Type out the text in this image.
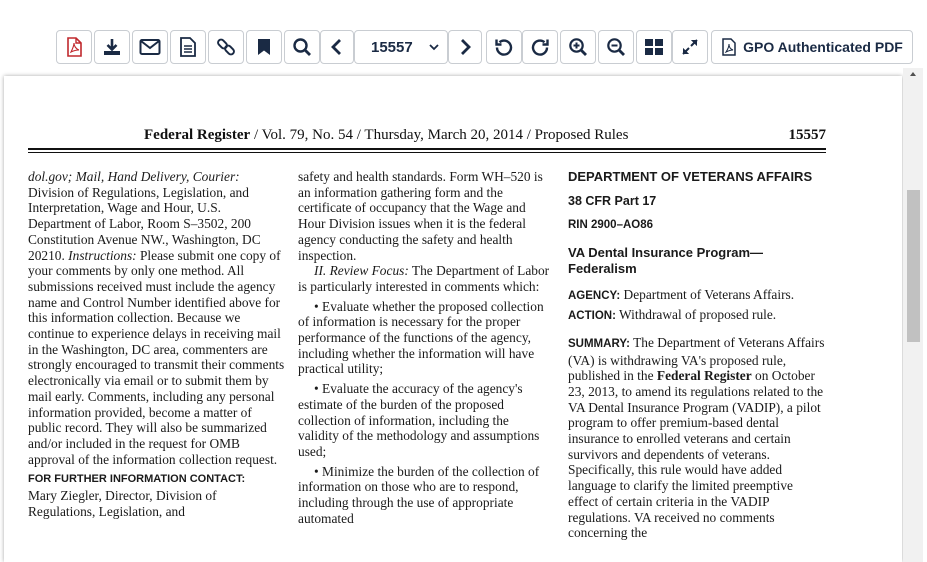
15557	GPO Authenticated PDF
Federal Register / Vol. 79, No. 54 / Thursday, March 20, 2014 / Proposed Rules	15557

dol.gov; Mail, Hand Delivery, Courier: Division of Regulations, Legislation, and Interpretation, Wage and Hour, U.S. Department of Labor, Room S–3502, 200 Constitution Avenue NW., Washington, DC 20210. Instructions: Please submit one copy of your comments by only one method. All submissions received must include the agency name and Control Number identified above for this information collection. Because we continue to experience delays in receiving mail in the Washington, DC area, commenters are strongly encouraged to transmit their comments electronically via email or to submit them by mail early. Comments, including any personal information provided, become a matter of public record. They will also be summarized and/or included in the request for OMB approval of the information collection request.

FOR FURTHER INFORMATION CONTACT:

Mary Ziegler, Director, Division of Regulations, Legislation, and

safety and health standards. Form WH–520 is an information gathering form and the certificate of occupancy that the Wage and Hour Division issues when it is the federal agency conducting the safety and health inspection.

II. Review Focus: The Department of Labor is particularly interested in comments which:

• Evaluate whether the proposed collection of information is necessary for the proper performance of the functions of the agency, including whether the information will have practical utility;

• Evaluate the accuracy of the agency's estimate of the burden of the proposed collection of information, including the validity of the methodology and assumptions used;

• Minimize the burden of the collection of information on those who are to respond, including through the use of appropriate automated

DEPARTMENT OF VETERANS AFFAIRS

38 CFR Part 17

RIN 2900–AO86

VA Dental Insurance Program—Federalism

AGENCY: Department of Veterans Affairs.

ACTION: Withdrawal of proposed rule.

SUMMARY: The Department of Veterans Affairs (VA) is withdrawing VA's proposed rule, published in the Federal Register on October 23, 2013, to amend its regulations related to the VA Dental Insurance Program (VADIP), a pilot program to offer premium-based dental insurance to enrolled veterans and certain survivors and dependents of veterans. Specifically, this rule would have added language to clarify the limited preemptive effect of certain criteria in the VADIP regulations. VA received no comments concerning the
